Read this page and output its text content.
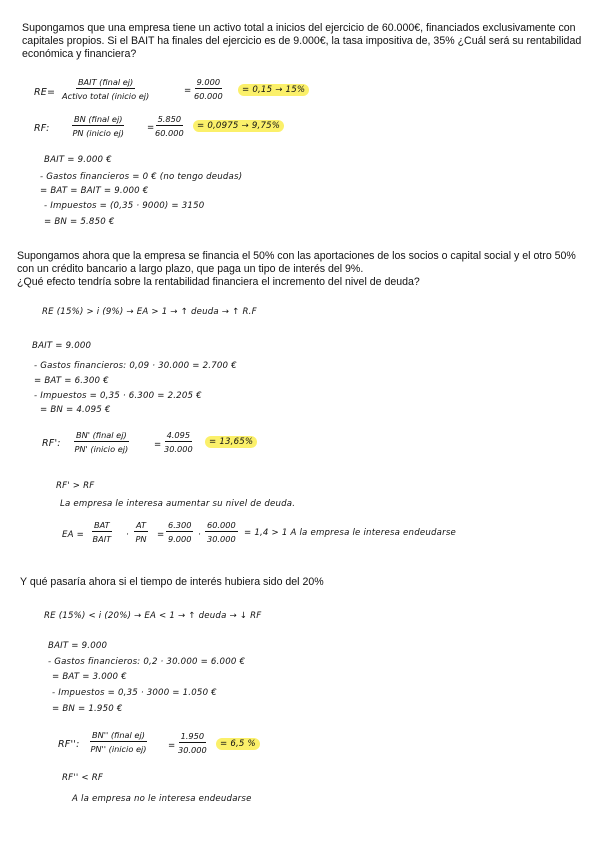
Supongamos que una empresa tiene un activo total a inicios del ejercicio de 60.000€, financiados exclusivamente con capitales propios. Si el BAIT ha finales del ejercicio es de 9.000€, la tasa impositiva de, 35% ¿Cuál será su rentabilidad económica y financiera?

RE=
BAIT (final ej)
Activo total (inicio ej)	= $\frac{9.000}{60.000}$	= 0,15 → 15%
RF:
BN (final ej)
PN (inicio ej)	= $\frac{5.850}{60.000}$	= 0,0975 → 9,75%
BAIT = 9.000 €
- Gastos financieros = 0 € (no tengo deudas)
= BAT = BAIT = 9.000 €
- Impuestos = (0,35 · 9000) = 3150
= BN = 5.850 €

Supongamos ahora que la empresa se financia el 50% con las aportaciones de los socios o capital social y el otro 50% con un crédito bancario a largo plazo, que paga un tipo de interés del 9%.
¿Qué efecto tendría sobre la rentabilidad financiera el incremento del nivel de deuda?

RE (15%) > i (9%) → EA > 1 → ↑ deuda → ↑ R.F
BAIT = 9.000
- Gastos financieros: 0,09 · 30.000 = 2.700 €
= BAT = 6.300 €
- Impuestos = 0,35 · 6.300 = 2.205 €
= BN = 4.095 €
RF':
BN' (final ej)
PN' (inicio ej)	= $\frac{4.095}{30.000}$	= 13,65%
RF' > RF
La empresa le interesa aumentar su nivel de deuda.
EA =
BAT
BAIT · $\frac{AT}{PN} = \frac{6.300}{9.000} \cdot \frac{60.000}{30.000} = 1,4 > 1$ A la empresa le interesa endeudarse

Y qué pasaría ahora si el tiempo de interés hubiera sido del 20%

RE (15%) < i (20%) → EA < 1 → ↑ deuda → ↓ RF
BAIT = 9.000
- Gastos financieros: 0,2 · 30.000 = 6.000 €
= BAT = 3.000 €
- Impuestos = 0,35 · 3000 = 1.050 €
= BN = 1.950 €
RF'':
BN'' (final ej)
PN'' (inicio ej)	= $\frac{1.950}{30.000}$	= 6,5 %
RF'' < RF
A la empresa no le interesa endeudarse
